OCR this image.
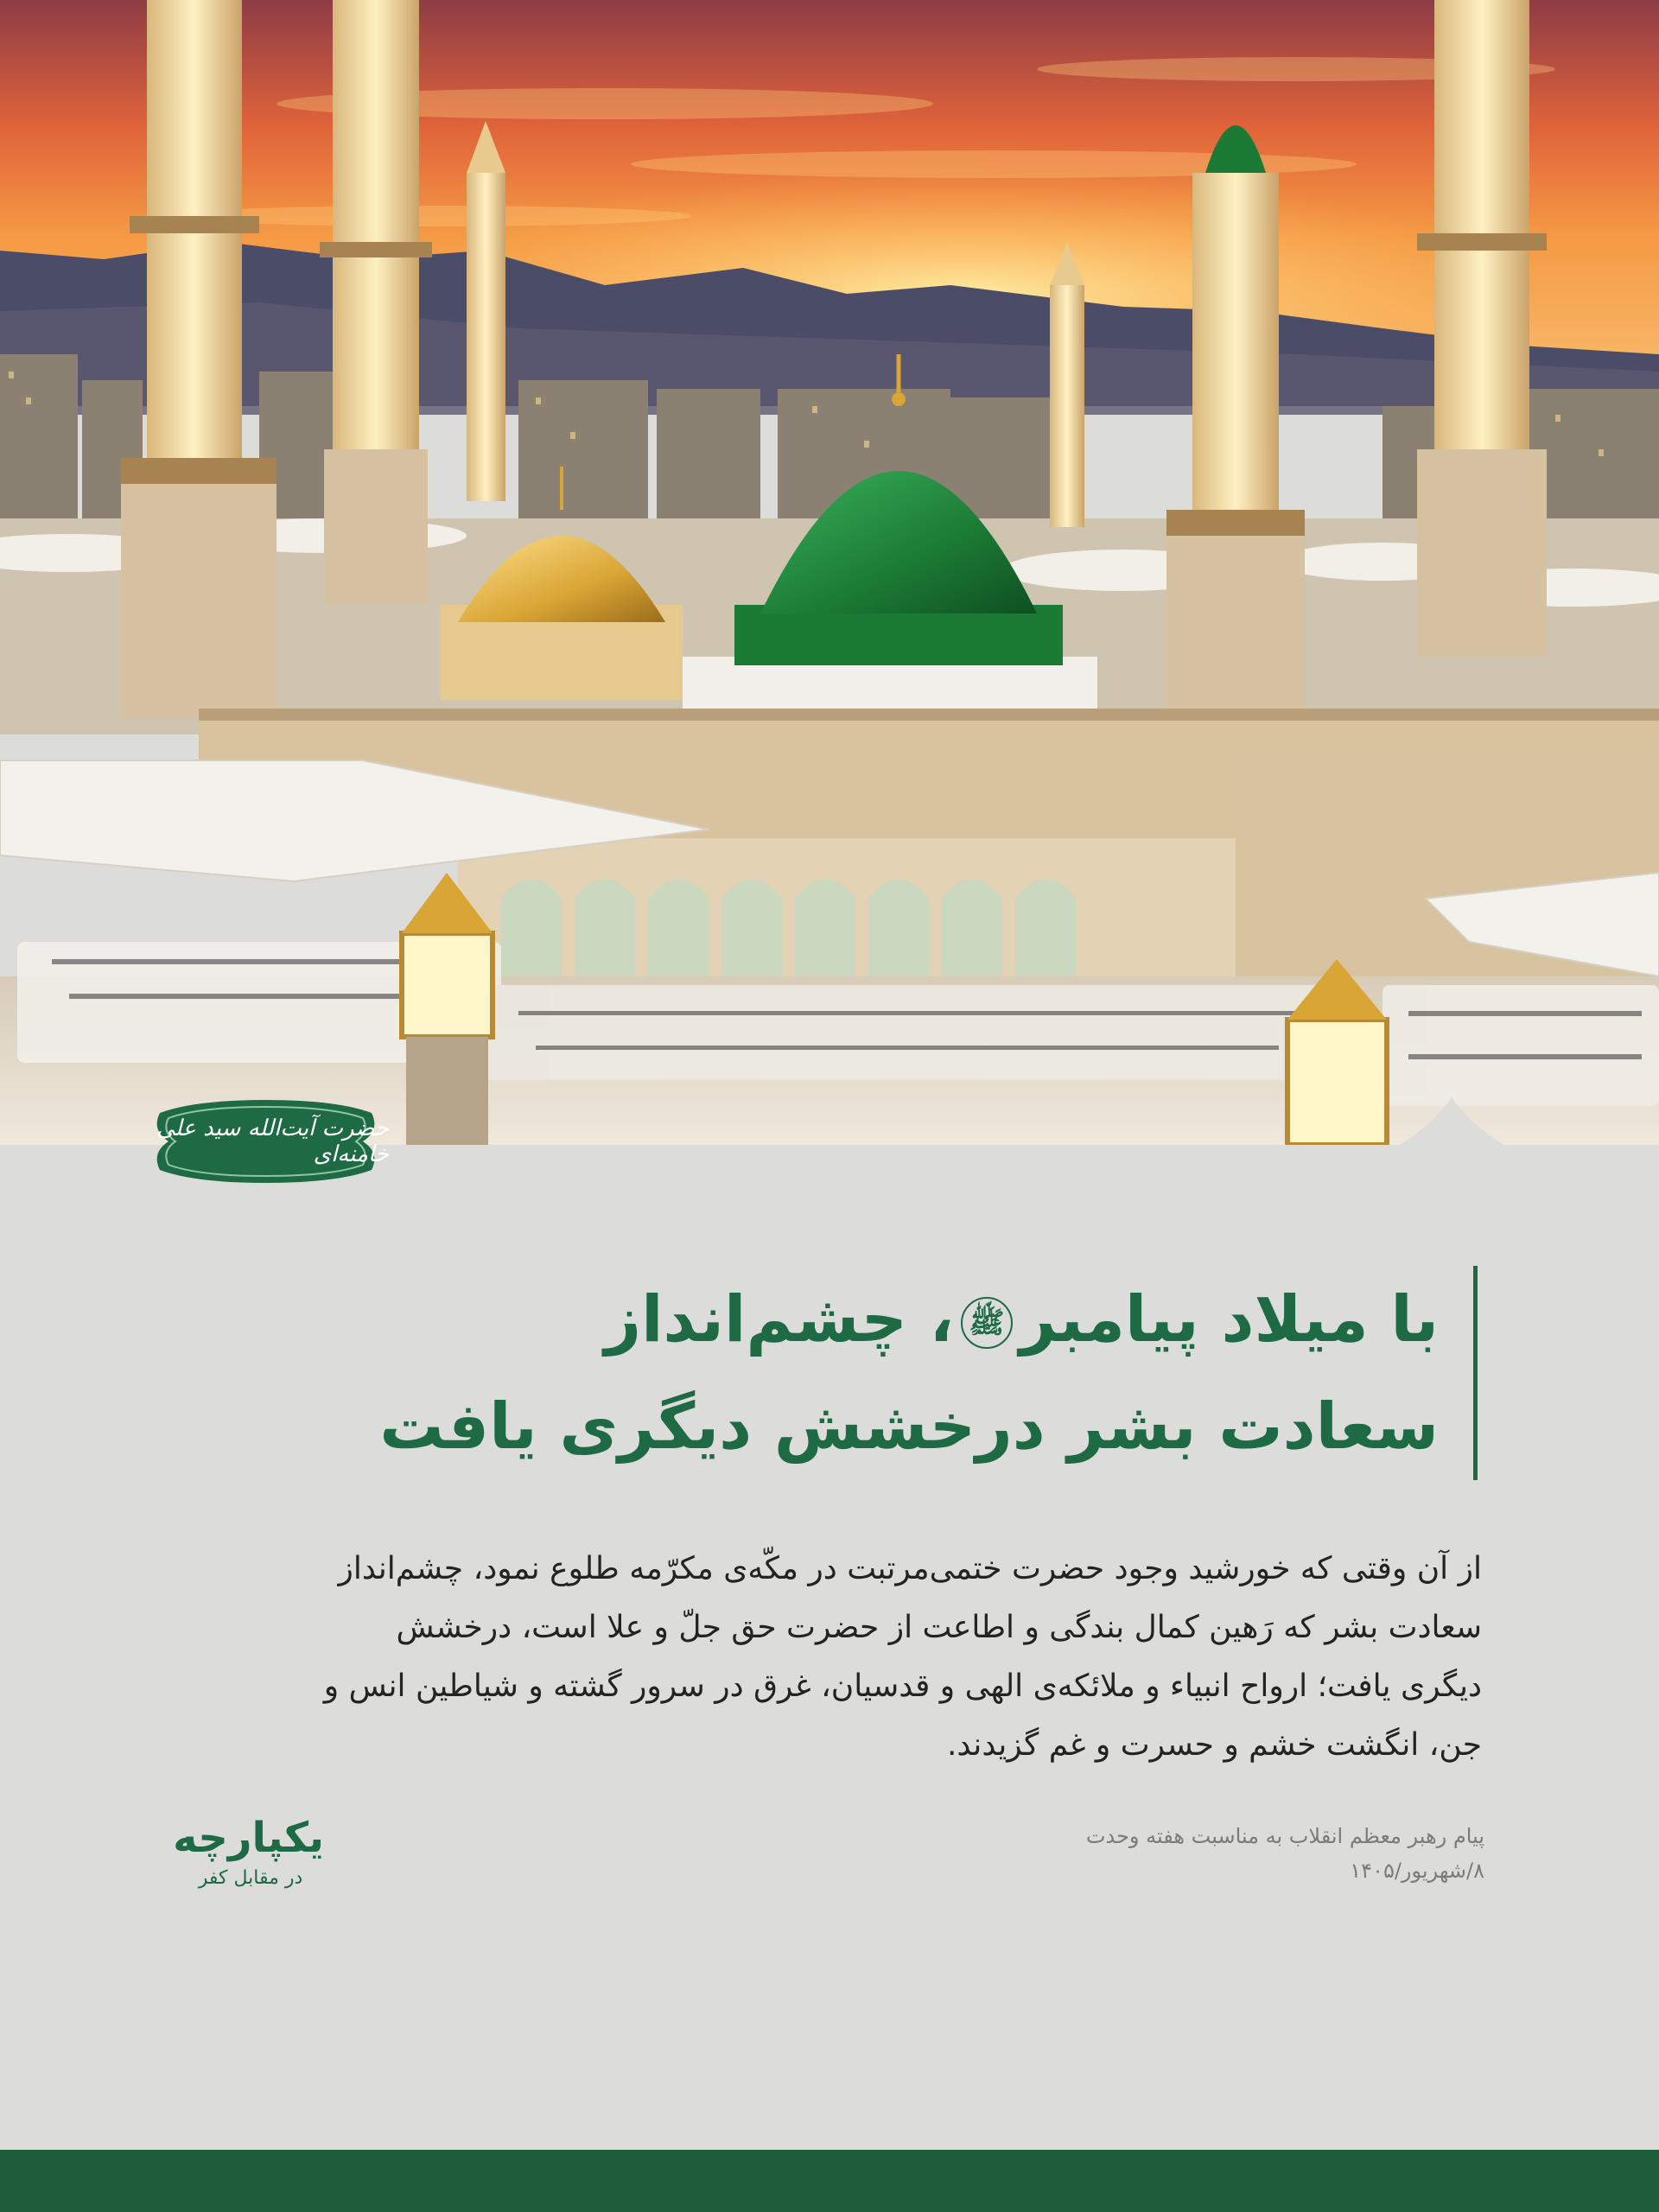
حضرت آیت‌الله سید علی خامنه‌ای
با میلاد پیامبرﷺ، چشم‌انداز
سعادت بشر درخشش دیگری یافت
از آن وقتی که خورشید وجود حضرت ختمی‌مرتبت در مکّه‌ی مکرّمه طلوع نمود، چشم‌انداز
سعادت بشر که رَهین کمال بندگی و اطاعت از حضرت حق جلّ و علا است، درخشش
دیگری یافت؛ ارواح انبیاء و ملائکه‌ی الهی و قدسیان، غرق در سرور گشته و شیاطین انس و
جن، انگشت خشم و حسرت و غم گزیدند.
پیام رهبر معظم انقلاب به مناسبت هفته وحدت
۸/شهریور/۱۴۰۵
یکپارچه
در مقابل کفر
